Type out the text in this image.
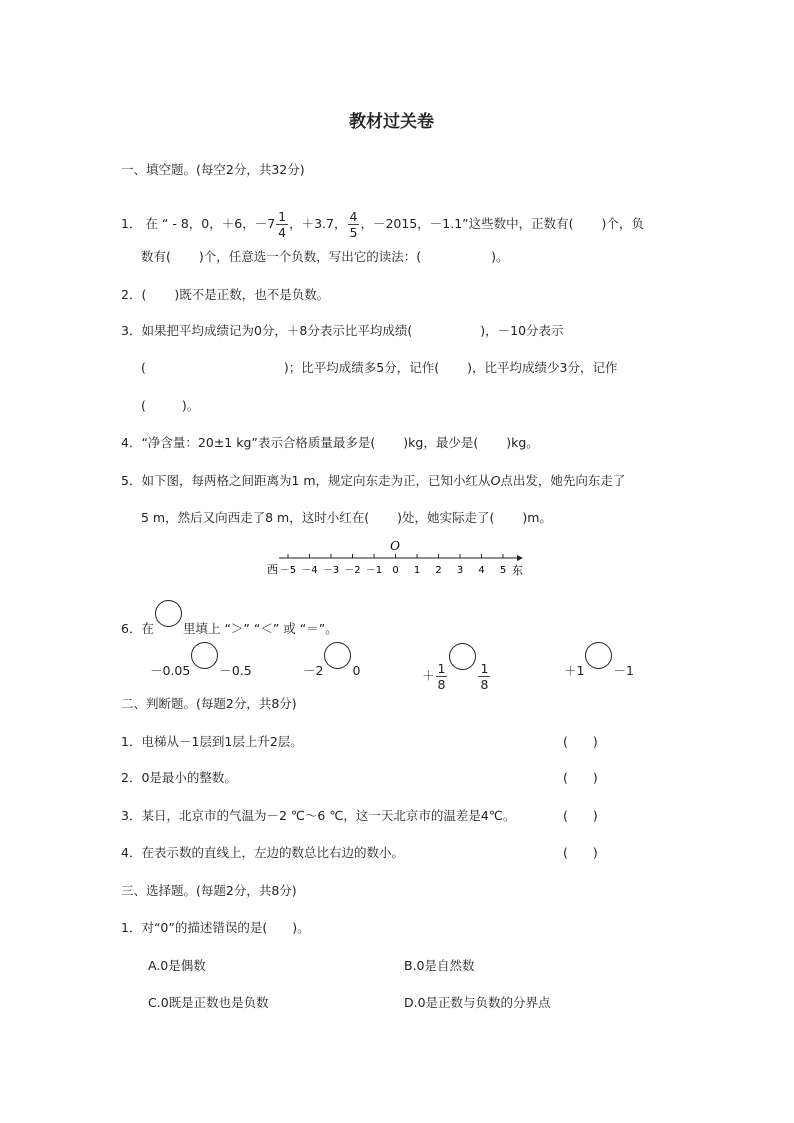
教材过关卷
一、填空题。(每空2分，共32分)
1． 在 “ - 8，0，＋6，$-7 \frac{1}{4}$ ，＋3.7， $\frac{4}{5}$ ，－2015，－1.1”这些数中，正数有( )个，负
数有( )个，任意选一个负数，写出它的读法：(	)。
2．( )既不是正数，也不是负数。
3．如果把平均成绩记为0分，＋8分表示比平均成绩(	)，－10分表示
(	)；比平均成绩多5分，记作( )，比平均成绩少3分，记作
(	)。
4．“净含量：20±1 kg”表示合格质量最多是( )kg，最少是( )kg。
5．如下图，每两格之间距离为1 m，规定向东走为正，已知小红从O点出发，她先向东走了
5 m，然后又向西走了8 m，这时小红在( )处，她实际走了( )m。
O
－5 －4 －3 －2 －1 0 1 2 3 4 5
西	东
6．在 里填上 “＞” “＜” 或 “＝”。
－0.05 －0.5	－2 0	＋ $\frac{1}{8} \frac{1}{8}$	＋1 －1
二、判断题。(每题2分，共8分)
1．电梯从－1层到1层上升2层。	(　　)
2．0是最小的整数。	(　　)
3．某日，北京市的气温为－2 ℃～6 ℃，这一天北京市的温差是4℃。	(　　)
4．在表示数的直线上，左边的数总比右边的数小。	(　　)
三、选择题。(每题2分，共8分)
1．对“0”的描述错误的是(　　)。
A.0是偶数	B.0是自然数
C.0既是正数也是负数	D.0是正数与负数的分界点
